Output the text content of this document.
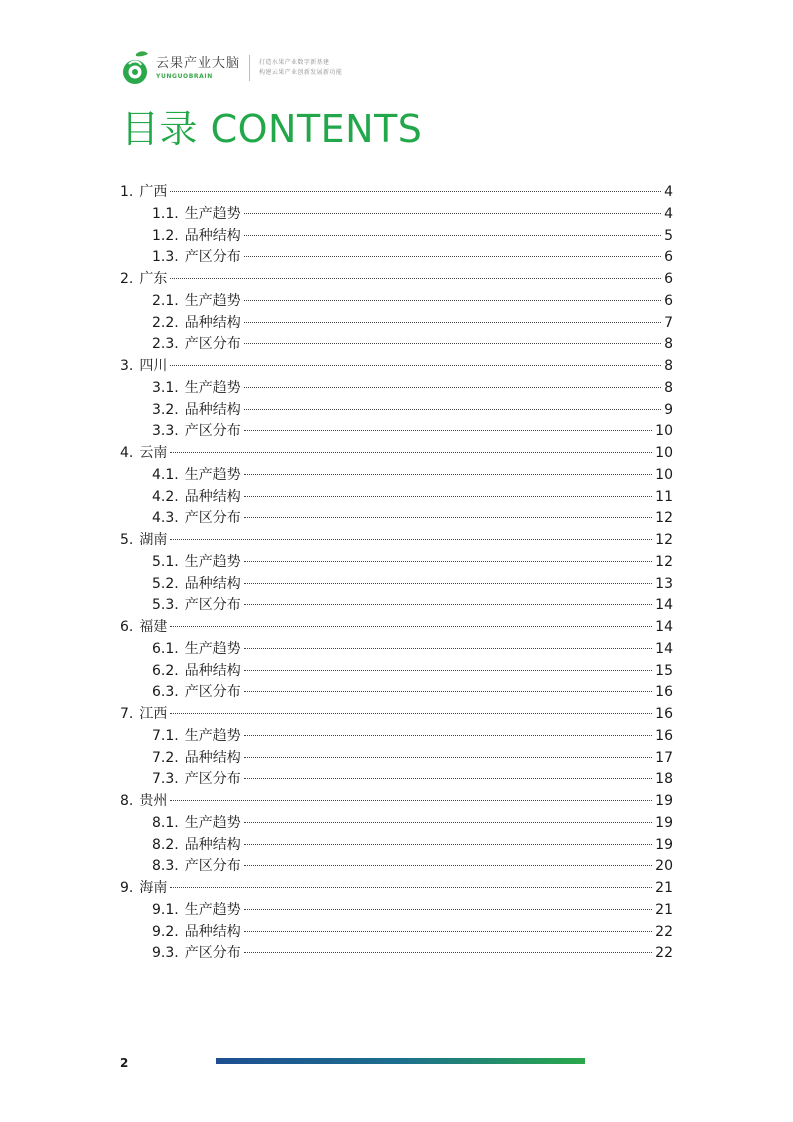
云果产业大脑
YUNGUOBRAIN
打造水果产业数字新基建
构建云果产业创新发展新功能
目录 CONTENTS
1. 广西	4
1.1. 生产趋势	4
1.2. 品种结构	5
1.3. 产区分布	6
2. 广东	6
2.1. 生产趋势	6
2.2. 品种结构	7
2.3. 产区分布	8
3. 四川	8
3.1. 生产趋势	8
3.2. 品种结构	9
3.3. 产区分布	10
4. 云南	10
4.1. 生产趋势	10
4.2. 品种结构	11
4.3. 产区分布	12
5. 湖南	12
5.1. 生产趋势	12
5.2. 品种结构	13
5.3. 产区分布	14
6. 福建	14
6.1. 生产趋势	14
6.2. 品种结构	15
6.3. 产区分布	16
7. 江西	16
7.1. 生产趋势	16
7.2. 品种结构	17
7.3. 产区分布	18
8. 贵州	19
8.1. 生产趋势	19
8.2. 品种结构	19
8.3. 产区分布	20
9. 海南	21
9.1. 生产趋势	21
9.2. 品种结构	22
9.3. 产区分布	22
2
